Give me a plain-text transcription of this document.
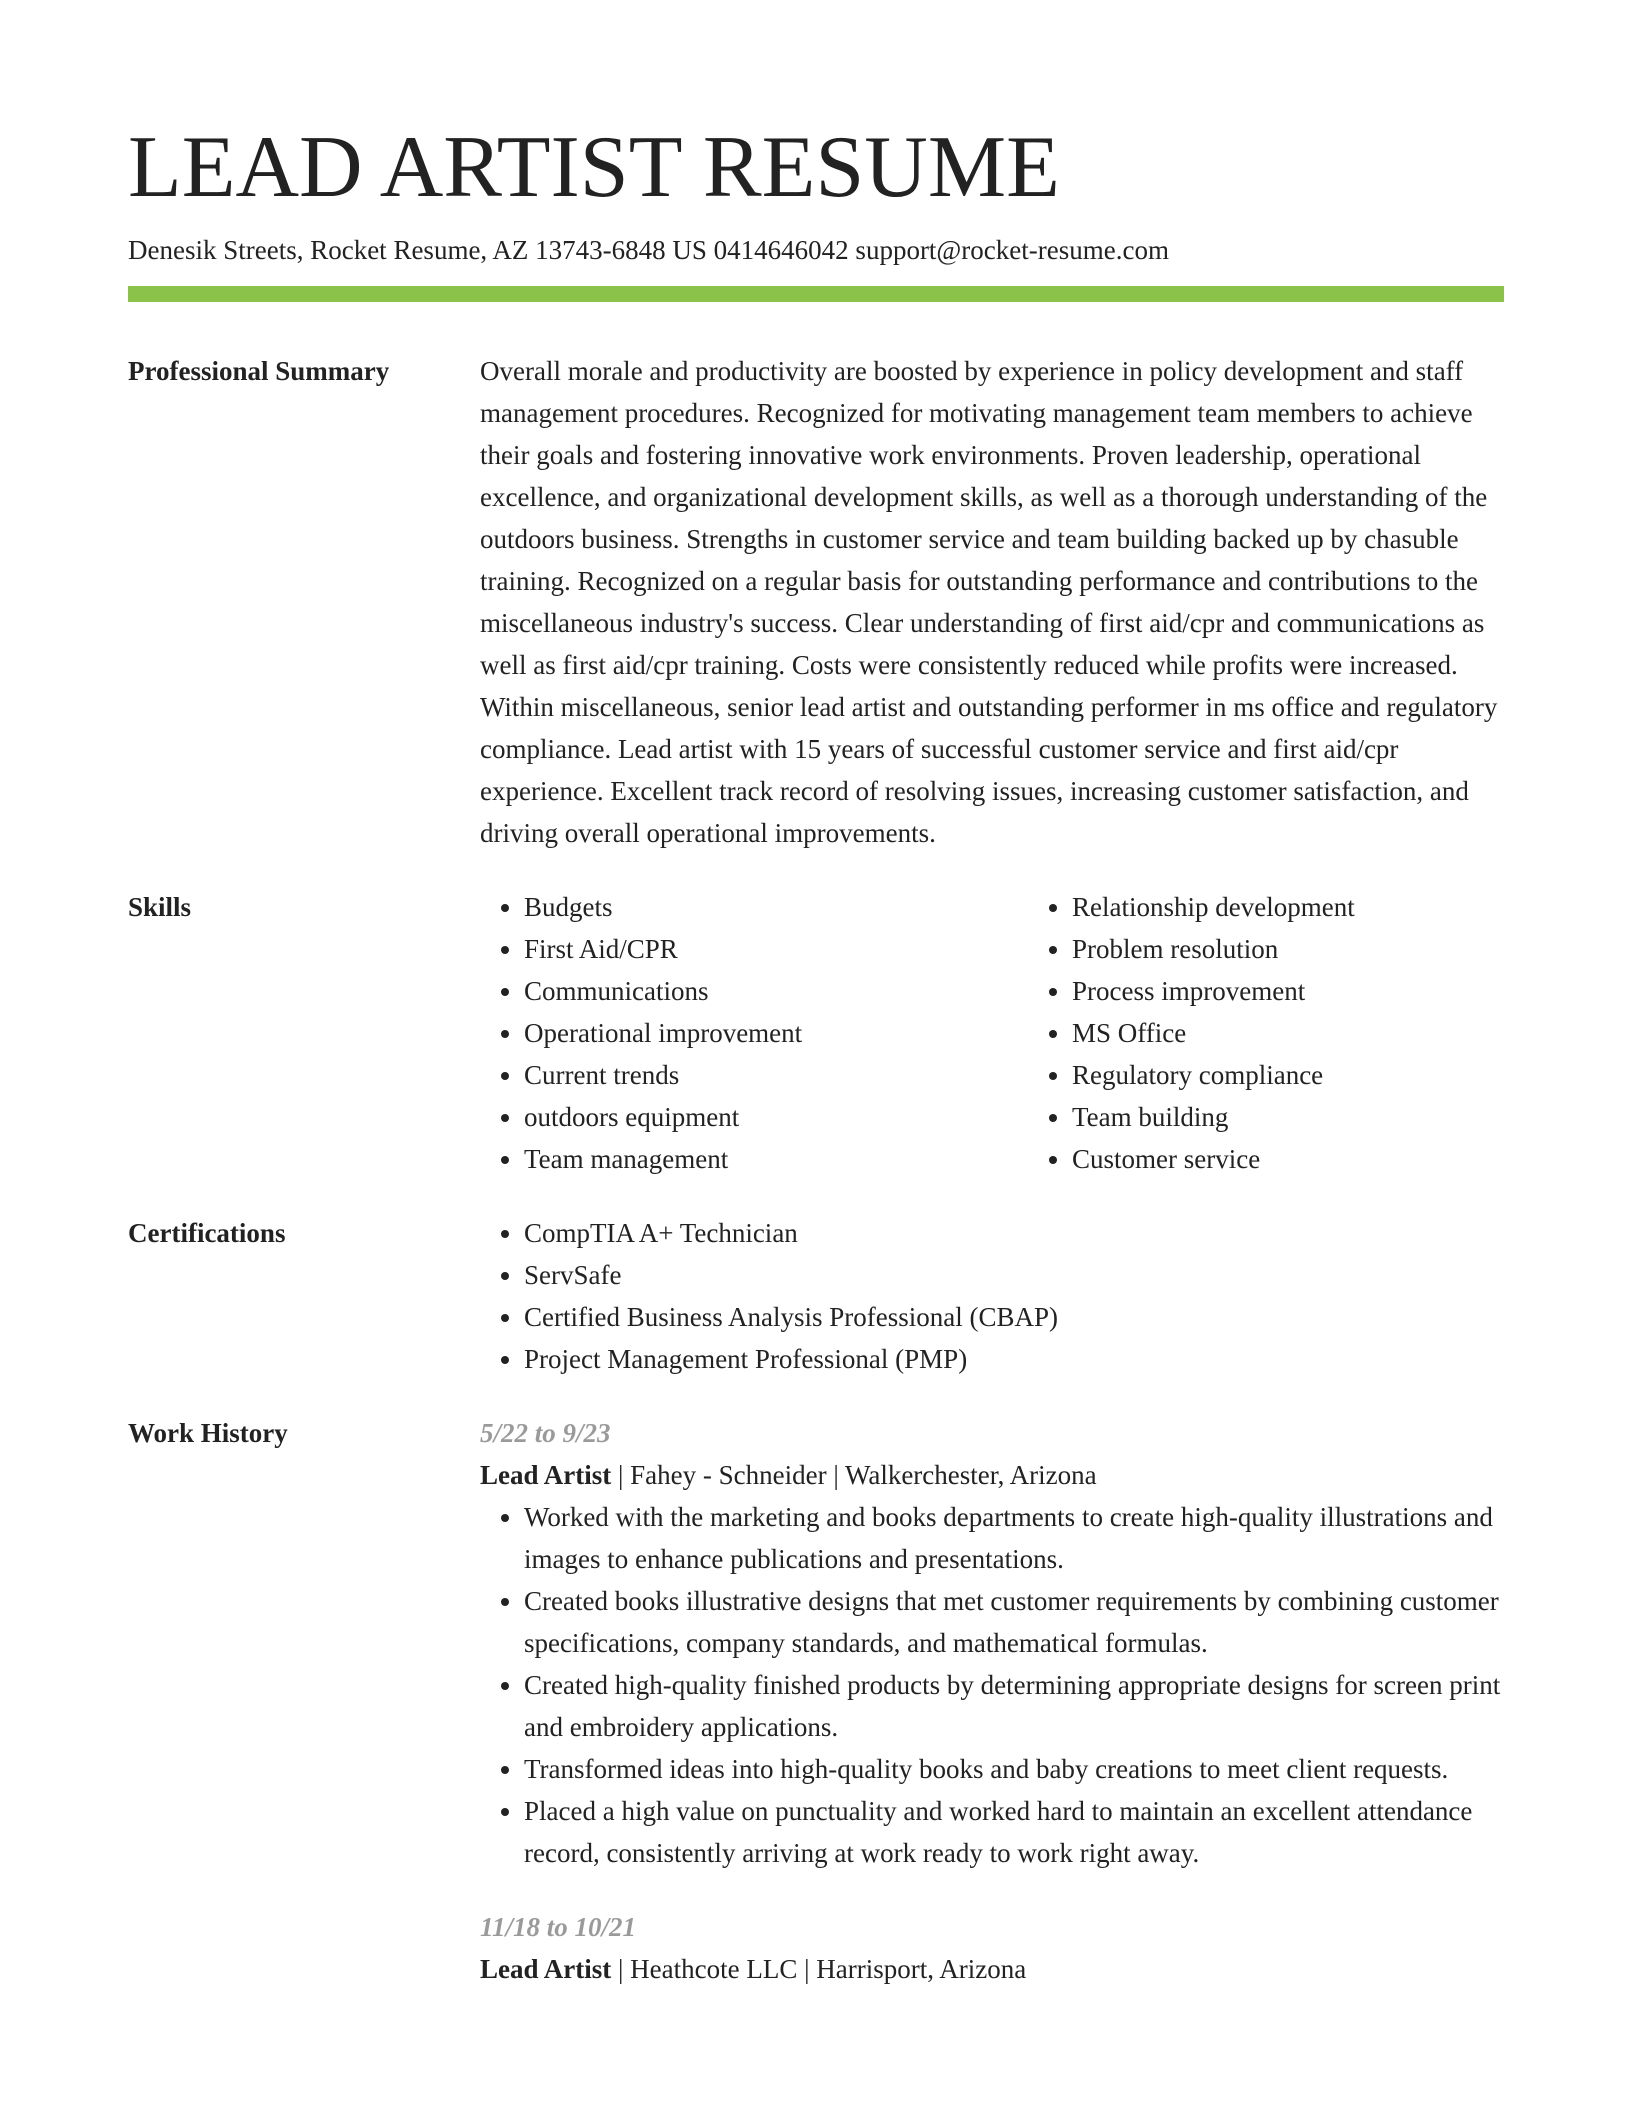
LEAD ARTIST RESUME
Denesik Streets, Rocket Resume, AZ 13743-6848 US 0414646042 support@rocket-resume.com
Professional Summary	Overall morale and productivity are boosted by experience in policy development and staff management procedures. Recognized for motivating management team members to achieve their goals and fostering innovative work environments. Proven leadership, operational excellence, and organizational development skills, as well as a thorough understanding of the outdoors business. Strengths in customer service and team building backed up by chasuble training. Recognized on a regular basis for outstanding performance and contributions to the miscellaneous industry's success. Clear understanding of first aid/cpr and communications as well as first aid/cpr training. Costs were consistently reduced while profits were increased. Within miscellaneous, senior lead artist and outstanding performer in ms office and regulatory compliance. Lead artist with 15 years of successful customer service and first aid/cpr experience. Excellent track record of resolving issues, increasing customer satisfaction, and driving overall operational improvements.
Skills	• Budgets
• First Aid/CPR
• Communications
• Operational improvement
• Current trends
• outdoors equipment
• Team management
• Relationship development
• Problem resolution
• Process improvement
• MS Office
• Regulatory compliance
• Team building
• Customer service
Certifications	• CompTIA A+ Technician
• ServSafe
• Certified Business Analysis Professional (CBAP)
• Project Management Professional (PMP)
Work History	5/22 to 9/23
Lead Artist | Fahey - Schneider | Walkerchester, Arizona
• Worked with the marketing and books departments to create high-quality illustrations and images to enhance publications and presentations.
• Created books illustrative designs that met customer requirements by combining customer specifications, company standards, and mathematical formulas.
• Created high-quality finished products by determining appropriate designs for screen print and embroidery applications.
• Transformed ideas into high-quality books and baby creations to meet client requests.
• Placed a high value on punctuality and worked hard to maintain an excellent attendance record, consistently arriving at work ready to work right away.
11/18 to 10/21
Lead Artist | Heathcote LLC | Harrisport, Arizona
